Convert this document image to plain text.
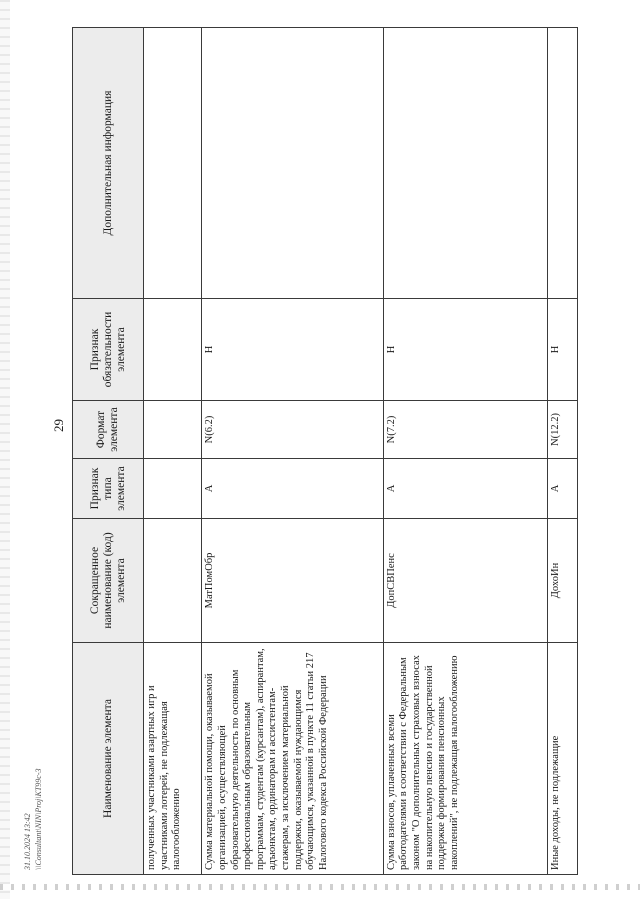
29
Наименование элемента	Сокращенное наименование (код) элемента	Признак типа элемента	Формат элемента	Признак обязательности элемента	Дополнительная информация
полученных участниками азартных игр и участниками лотерей, не подлежащая налогообложению					
Сумма материальной помощи, оказываемой организацией, осуществляющей образовательную деятельность по основным профессиональным образовательным программам, студентам (курсантам), аспирантам, адъюнктам, ординаторам и ассистентам-стажерам, за исключением материальной поддержки, оказываемой нуждающимся обучающимся, указанной в пункте 11 статьи 217 Налогового кодекса Российской Федерации	МатПомОбр	А	N(6.2)	Н	
Сумма взносов, уплаченных всеми работодателями в соответствии с Федеральным законом "О дополнительных страховых взносах на накопительную пенсию и государственной поддержке формирования пенсионных накоплений", не подлежащая налогообложению	ДопСВПенс	А	N(7.2)	Н	
Иные доходы, не подлежащие	ДохоИн	А	N(12.2)	Н	
31.10.2024 13:42 \\Consultant\NIN\Proj\KT99c-3
